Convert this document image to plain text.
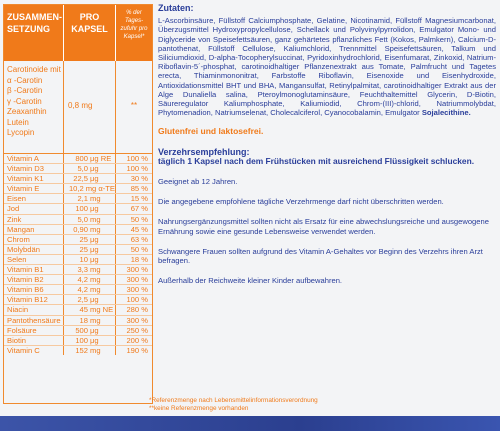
ZUSAMMEN-
SETZUNG
PRO
KAPSEL
% der Tages-zufuhr pro Kapsel*
Carotinoide mit
α -Carotin
β -Carotin
γ -Carotin
Zeaxanthin
Lutein
Lycopin
0,8 mg	**
Vitamin A	800 μg RE	100 %
Vitamin D3	5,0 μg	100 %
Vitamin K1	22,5 μg	30 %
Vitamin E	10,2 mg α-TE	85 %
Eisen	2,1 mg	15 %
Jod	100 μg	67 %
Zink	5,0 mg	50 %
Mangan	0,90 mg	45 %
Chrom	25 μg	63 %
Molybdän	25 μg	50 %
Selen	10 μg	18 %
Vitamin B1	3,3 mg	300 %
Vitamin B2	4,2 mg	300 %
Vitamin B6	4,2 mg	300 %
Vitamin B12	2,5 μg	100 %
Niacin	45 mg NE	280 %
Pantothensäure	18 mg	300 %
Folsäure	500 μg	250 %
Biotin	100 μg	200 %
Vitamin C	152 mg	190 %
*Referenzmenge nach Lebensmittelinformationsverordnung
**keine Referenzmenge vorhanden
Zutaten:
L-Ascorbinsäure, Füllstoff Calciumphosphate, Gelatine, Nicotinamid, Füllstoff Magnesiumcarbonat, Überzugsmittel Hydroxypropylcellulose, Schellack und Polyvinylpyrrolidon, Emulgator Mono- und Diglyceride von Speisefettsäuren, ganz gehärtetes pflanzliches Fett (Kokos, Palmkern), Calcium-D-pantothenat, Füllstoff Cellulose, Kaliumchlorid, Trennmittel Speisefettsäuren, Talkum und Siliciumdioxid, D-alpha-Tocopherylsuccinat, Pyridoxinhydrochlorid, Eisenfumarat, Zinkoxid, Natrium-Riboflavin-5´-phosphat, carotinoidhaltiger Pflanzenextrakt aus Tomate, Palmfrucht und Tagetes erecta, Thiaminmononitrat, Farbstoffe Riboflavin, Eisenoxide und Eisenhydroxide, Antioxidationsmittel BHT und BHA, Mangansulfat, Retinylpalmitat, carotinoidhaltiger Extrakt aus der Alge Dunaliella salina, Pteroylmonoglutaminsäure, Feuchthaltemittel Glycerin, D-Biotin, Säureregulator Kaliumphosphate, Kaliumiodid, Chrom-(III)-chlorid, Natriummolybdat, Phytomenadion, Natriumselenat, Cholecalciferol, Cyanocobalamin, Emulgator Sojalecithine.
Glutenfrei und laktosefrei.
Verzehrsempfehlung:
täglich 1 Kapsel nach dem Frühstücken mit ausreichend Flüssigkeit schlucken.
Geeignet ab 12 Jahren.
Die angegebene empfohlene tägliche Verzehrmenge darf nicht überschritten werden.
Nahrungsergänzungsmittel sollten nicht als Ersatz für eine abwechslungsreiche und ausgewogene Ernährung sowie eine gesunde Lebensweise verwendet werden.
Schwangere Frauen sollten aufgrund des Vitamin A-Gehaltes vor Beginn des Verzehrs ihren Arzt befragen.
Außerhalb der Reichweite kleiner Kinder aufbewahren.
